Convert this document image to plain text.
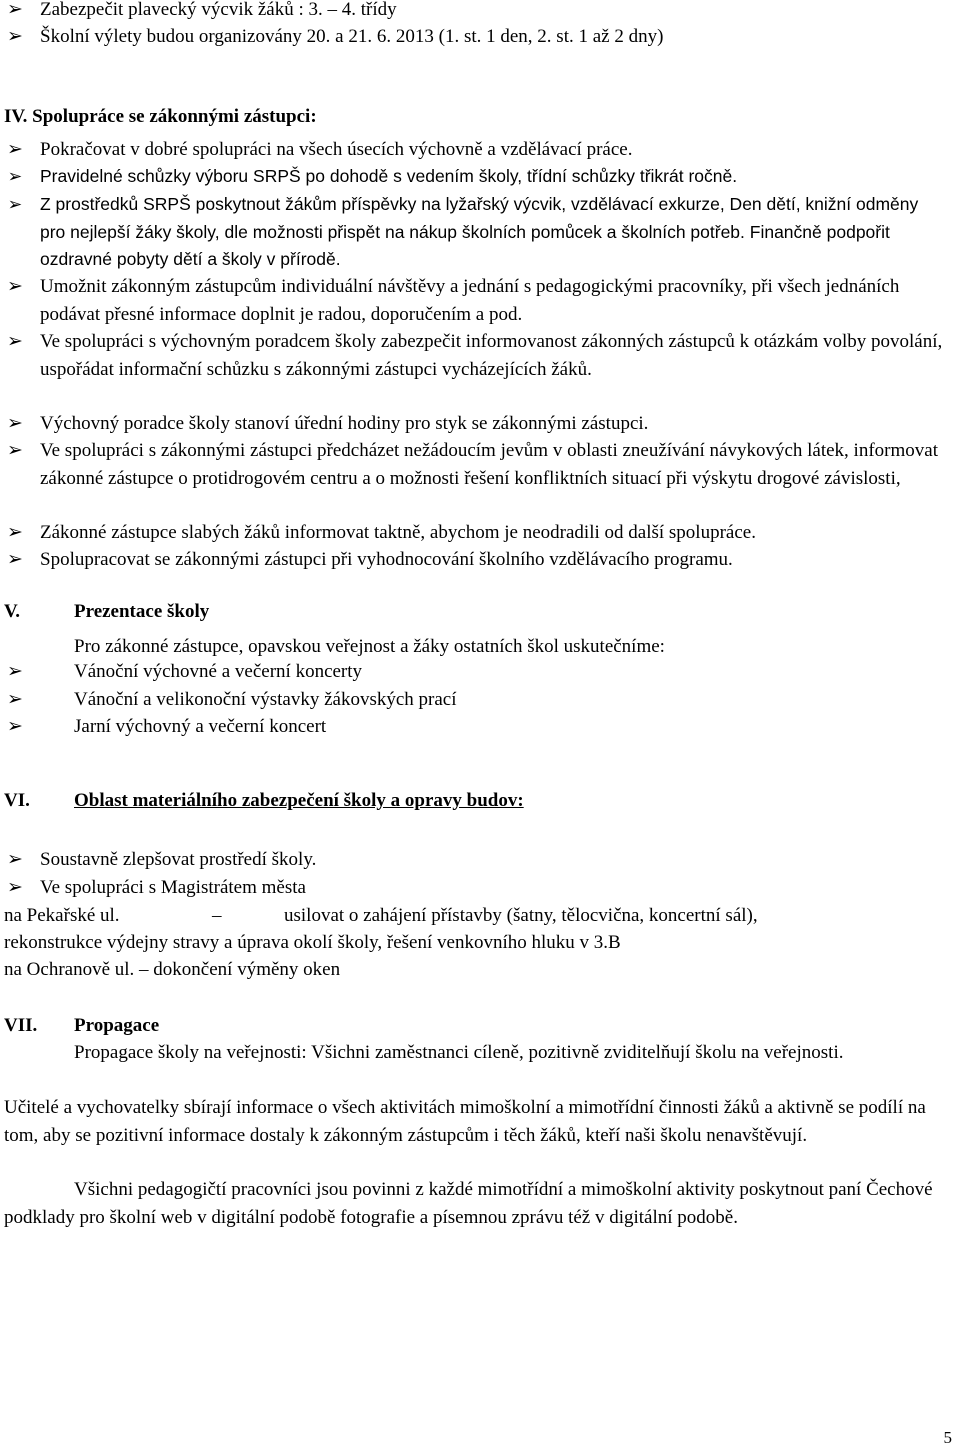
➢ Zabezpečit plavecký výcvik žáků : 3. – 4. třídy
➢ Školní výlety budou organizovány 20. a 21. 6. 2013 (1. st. 1 den, 2. st. 1 až 2 dny)
IV. Spolupráce se zákonnými zástupci:
➢ Pokračovat v dobré spolupráci na všech úsecích výchovně a vzdělávací práce.
➢ Pravidelné schůzky výboru SRPŠ po dohodě s vedením školy, třídní schůzky třikrát ročně.
➢ Z prostředků SRPŠ poskytnout žákům příspěvky na lyžařský výcvik, vzdělávací exkurze, Den dětí, knižní odměny pro nejlepší žáky školy, dle možnosti přispět na nákup školních pomůcek a školních potřeb. Finančně podpořit ozdravné pobyty dětí a školy v přírodě.
➢ Umožnit zákonným zástupcům individuální návštěvy a jednání s pedagogickými pracovníky, při všech jednáních podávat přesné informace doplnit je radou, doporučením a pod.
➢ Ve spolupráci s výchovným poradcem školy zabezpečit informovanost zákonných zástupců k otázkám volby povolání, uspořádat informační schůzku s zákonnými zástupci vycházejících žáků.
➢ Výchovný poradce školy stanoví úřední hodiny pro styk se zákonnými zástupci.
➢ Ve spolupráci s zákonnými zástupci předcházet nežádoucím jevům v oblasti zneužívání návykových látek, informovat zákonné zástupce o protidrogovém centru a o možnosti řešení konfliktních situací při výskytu drogové závislosti,
➢ Zákonné zástupce slabých žáků informovat taktně, abychom je neodradili od další spolupráce.
➢ Spolupracovat se zákonnými zástupci při vyhodnocování školního vzdělávacího programu.
V.	Prezentace školy
Pro zákonné zástupce, opavskou veřejnost a žáky ostatních škol uskutečníme:
➢	Vánoční výchovné a večerní koncerty
➢	Vánoční a velikonoční výstavky žákovských prací
➢	Jarní výchovný a večerní koncert
VI. Oblast materiálního zabezpečení školy a opravy budov:
➢ Soustavně zlepšovat prostředí školy.
➢ Ve spolupráci s Magistrátem města
na Pekařské ul.	–	usilovat o zahájení přístavby (šatny, tělocvična, koncertní sál),
rekonstrukce výdejny stravy a úprava okolí školy, řešení venkovního hluku v 3.B
na Ochranově ul. – dokončení výměny oken
VII. Propagace
Propagace školy na veřejnosti: Všichni zaměstnanci cíleně, pozitivně zviditelňují školu na veřejnosti.
Učitelé a vychovatelky sbírají informace o všech aktivitách mimoškolní a mimotřídní činnosti žáků a aktivně se podílí na tom, aby se pozitivní informace dostaly k zákonným zástupcům i těch žáků, kteří naši školu nenavštěvují.
Všichni pedagogičtí pracovníci jsou povinni z každé mimotřídní a mimoškolní aktivity poskytnout paní Čechové podklady pro školní web v digitální podobě fotografie a písemnou zprávu též v digitální podobě.
5
